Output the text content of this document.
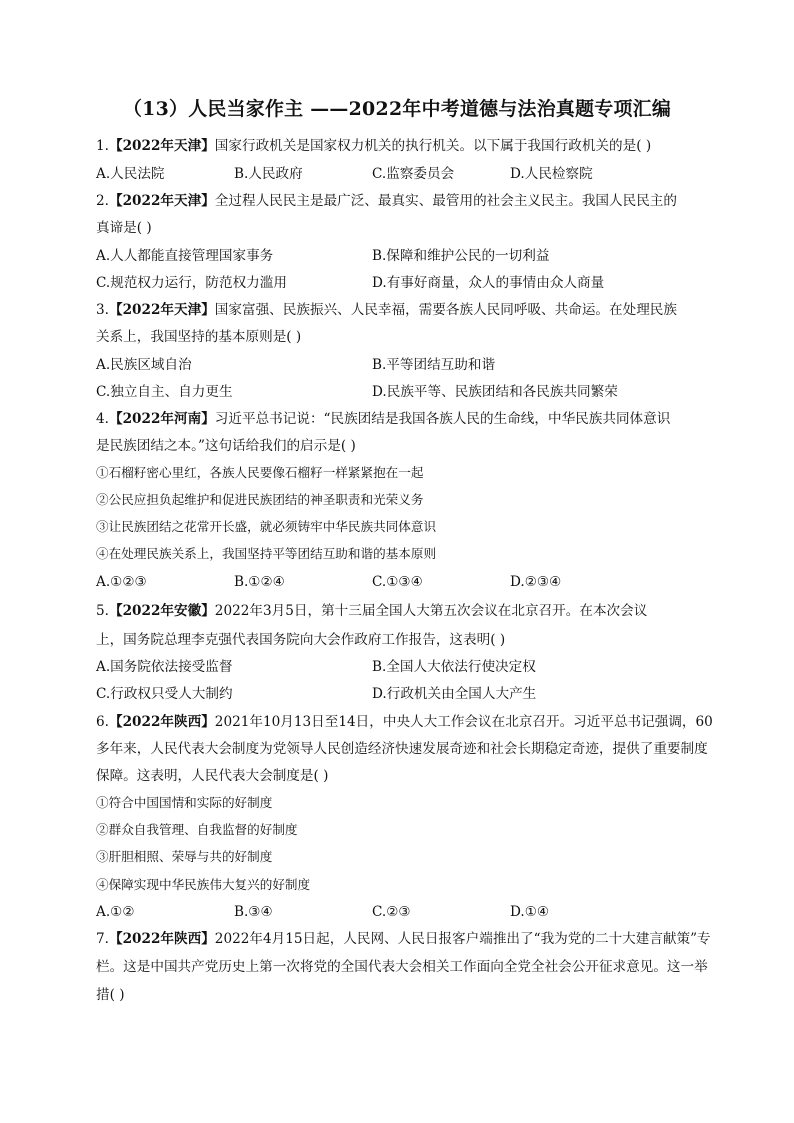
（13）人民当家作主 ——2022年中考道德与法治真题专项汇编
1.【2022年天津】国家行政机关是国家权力机关的执行机关。以下属于我国行政机关的是( )
A.人民法院	B.人民政府	C.监察委员会	D.人民检察院
2.【2022年天津】全过程人民民主是最广泛、最真实、最管用的社会主义民主。我国人民民主的
真谛是( )
A.人人都能直接管理国家事务	B.保障和维护公民的一切利益
C.规范权力运行，防范权力滥用	D.有事好商量，众人的事情由众人商量
3.【2022年天津】国家富强、民族振兴、人民幸福，需要各族人民同呼吸、共命运。在处理民族
关系上，我国坚持的基本原则是( )
A.民族区域自治	B.平等团结互助和谐
C.独立自主、自力更生	D.民族平等、民族团结和各民族共同繁荣
4.【2022年河南】习近平总书记说：“民族团结是我国各族人民的生命线，中华民族共同体意识
是民族团结之本。”这句话给我们的启示是( )
①石榴籽密心里红，各族人民要像石榴籽一样紧紧抱在一起
②公民应担负起维护和促进民族团结的神圣职责和光荣义务
③让民族团结之花常开长盛，就必须铸牢中华民族共同体意识
④在处理民族关系上，我国坚持平等团结互助和谐的基本原则
A.①②③	B.①②④	C.①③④	D.②③④
5.【2022年安徽】2022年3月5日，第十三届全国人大第五次会议在北京召开。在本次会议
上，国务院总理李克强代表国务院向大会作政府工作报告，这表明( )
A.国务院依法接受监督	B.全国人大依法行使决定权
C.行政权只受人大制约	D.行政机关由全国人大产生
6.【2022年陕西】2021年10月13日至14日，中央人大工作会议在北京召开。习近平总书记强调，60
多年来，人民代表大会制度为党领导人民创造经济快速发展奇迹和社会长期稳定奇迹，提供了重要制度
保障。这表明，人民代表大会制度是( )
①符合中国国情和实际的好制度
②群众自我管理、自我监督的好制度
③肝胆相照、荣辱与共的好制度
④保障实现中华民族伟大复兴的好制度
A.①②	B.③④	C.②③	D.①④
7.【2022年陕西】2022年4月15日起，人民网、人民日报客户端推出了“我为党的二十大建言献策”专
栏。这是中国共产党历史上第一次将党的全国代表大会相关工作面向全党全社会公开征求意见。这一举
措( )
